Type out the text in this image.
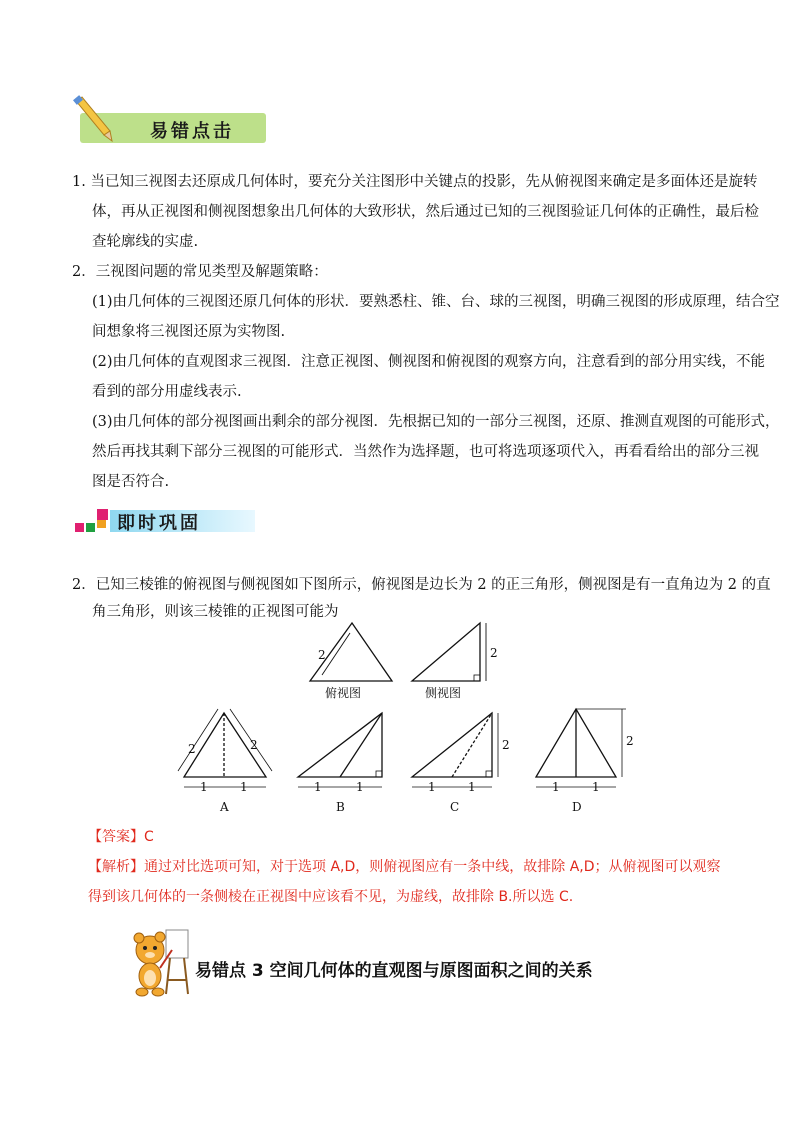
易错点击
1. 当已知三视图去还原成几何体时，要充分关注图形中关键点的投影，先从俯视图来确定是多面体还是旋转
体，再从正视图和侧视图想象出几何体的大致形状，然后通过已知的三视图验证几何体的正确性，最后检
查轮廓线的实虚.
2．三视图问题的常见类型及解题策略：
(1)由几何体的三视图还原几何体的形状．要熟悉柱、锥、台、球的三视图，明确三视图的形成原理，结合空
间想象将三视图还原为实物图.
(2)由几何体的直观图求三视图．注意正视图、侧视图和俯视图的观察方向，注意看到的部分用实线，不能
看到的部分用虚线表示.
(3)由几何体的部分视图画出剩余的部分视图．先根据已知的一部分三视图，还原、推测直观图的可能形式，
然后再找其剩下部分三视图的可能形式．当然作为选择题，也可将选项逐项代入，再看看给出的部分三视
图是否符合.
即时巩固
2．已知三棱锥的俯视图与侧视图如下图所示，俯视图是边长为 2 的正三角形，侧视图是有一直角边为 2 的直
角三角形，则该三棱锥的正视图可能为
2
俯视图
2
侧视图
2	2
1	1
A
1	1
B
2
1	1
C
2
1	1
D
【答案】C
【解析】通过对比选项可知，对于选项 A,D，则俯视图应有一条中线，故排除 A,D；从俯视图可以观察
得到该几何体的一条侧棱在正视图中应该看不见，为虚线，故排除 B.所以选 C.
易错点 3 空间几何体的直观图与原图面积之间的关系
